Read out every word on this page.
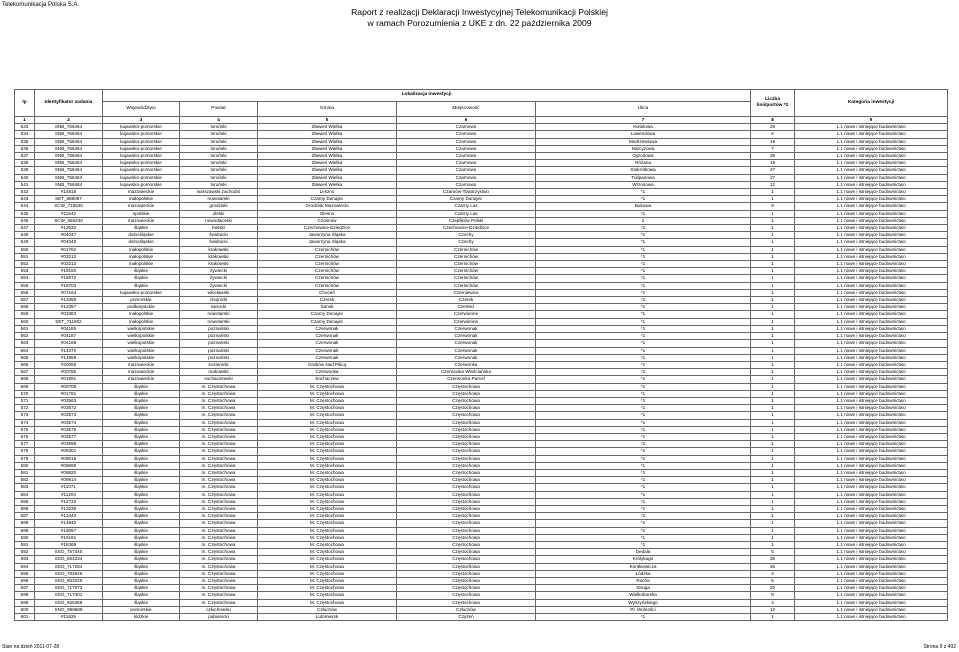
Telekomunikacja Polska S.A.
Raport z realizacji Deklaracji Inwestycyjnej Telekomunikacji Polskiej
w ramach Porozumienia z UKE z dn. 22 października 2009
lp	Identyfikator zadania	Lokalizacja inwestycji					Liczba linii/portów *2	Kategoria inwestycji
		Województwo	Powiat	Gmina	Miejscowość	Ulica		
1	2	3	4	5	6	7	8	9
533	SNB_756464	kujawsko-pomorskie	toruński	Zławieś Wielka	Czarnowo	Kwiatowa	29	1.1 nowe i istniejące budownictwo
534	SNB_756464	kujawsko-pomorskie	toruński	Zławieś Wielka	Czarnowo	Lawendowa	6	1.1 nowe i istniejące budownictwo
535	SNB_756464	kujawsko-pomorskie	toruński	Zławieś Wielka	Czarnowo	Modrzewiowa	18	1.1 nowe i istniejące budownictwo
536	SNB_756464	kujawsko-pomorskie	toruński	Zławieś Wielka	Czarnowo	Narcyzowa	7	1.1 nowe i istniejące budownictwo
537	SNB_756464	kujawsko-pomorskie	toruński	Zławieś Wielka	Czarnowo	Ogrodowa	29	1.1 nowe i istniejące budownictwo
538	SNB_756464	kujawsko-pomorskie	toruński	Zławieś Wielka	Czarnowo	Różana	19	1.1 nowe i istniejące budownictwo
539	SNB_756464	kujawsko-pomorskie	toruński	Zławieś Wielka	Czarnowo	Stokrotkowa	27	1.1 nowe i istniejące budownictwo
540	SNB_756464	kujawsko-pomorskie	toruński	Zławieś Wielka	Czarnowo	Tulipanowa	27	1.1 nowe i istniejące budownictwo
541	SNB_756464	kujawsko-pomorskie	toruński	Zławieś Wielka	Czarnowo	Wrzosowa	12	1.1 nowe i istniejące budownictwo
542	#14818	mazowieckie	warszawski zachodni	Leszno	Czarnów-Towarzystwo	*1	1	1.1 nowe i istniejące budownictwo
543	SET_688067	małopolskie	nowotarski	Czarny Dunajec	Czarny Dunajec	*1	1	1.1 nowe i istniejące budownictwo
544	SCW_716535	mazowieckie	grodziski	Grodzisk Mazowiecki	Czarny Las	Bukowa	9	1.1 nowe i istniejące budownictwo
545	#11542	opolskie	oleski	Olesno	Czarny Las	*1	1	1.1 nowe i istniejące budownictwo
546	SCW_656230	mazowieckie	nowodworski	Czosnów	Czeplików Polski	2	1	1.1 nowe i istniejące budownictwo
547	#12632	śląskie	bielski	Czechowice-Dziedzice	Czechowice-Dziedzice	*1	1	1.1 nowe i istniejące budownictwo
548	#04047	dolnośląskie	świdnicki	Jaworzyna Śląska	Czechy	*1	1	1.1 nowe i istniejące budownictwo
549	#04048	dolnośląskie	świdnicki	Jaworzyna Śląska	Czechy	*1	1	1.1 nowe i istniejące budownictwo
550	#01762	małopolskie	krakowski	Czernichów	Czernichów	*1	1	1.1 nowe i istniejące budownictwo
551	#03212	małopolskie	krakowski	Czernichów	Czernichów	*1	1	1.1 nowe i istniejące budownictwo
552	#03213	małopolskie	krakowski	Czernichów	Czernichów	*1	1	1.1 nowe i istniejące budownictwo
553	#18150	śląskie	żywiecki	Czernichów	Czernichów	*1	1	1.1 nowe i istniejące budownictwo
554	#18672	śląskie	żywiecki	Czernichów	Czernichów	*1	1	1.1 nowe i istniejące budownictwo
555	#18703	śląskie	żywiecki	Czernichów	Czernichów	*1	1	1.1 nowe i istniejące budownictwo
556	#07164	kujawsko-pomorskie	włocławski	Choceń	Czerniewice	*1	1	1.1 nowe i istniejące budownictwo
557	#13369	pomorskie	chojnicki	Czersk	Czersk	*1	1	1.1 nowe i istniejące budownictwo
558	#12357	podkarpackie	sanocki	Sanok	Czertież	*1	1	1.1 nowe i istniejące budownictwo
559	#03383	małopolskie	nowotarski	Czarny Dunajec	Czerwienne	*1	1	1.1 nowe i istniejące budownictwo
560	SET_711802	małopolskie	nowotarski	Czarny Dunajec	Czerwienne	*1	1	1.1 nowe i istniejące budownictwo
561	#04185	wielkopolskie	poznański	Czerwonak	Czerwonak	*1	1	1.1 nowe i istniejące budownictwo
562	#04187	wielkopolskie	poznański	Czerwonak	Czerwonak	*1	1	1.1 nowe i istniejące budownictwo
563	#04188	wielkopolskie	poznański	Czerwonak	Czerwonak	*1	1	1.1 nowe i istniejące budownictwo
564	#14370	wielkopolskie	poznański	Czerwonak	Czerwonak	*1	1	1.1 nowe i istniejące budownictwo
565	#14868	wielkopolskie	poznański	Czerwonak	Czerwonak	*1	1	1.1 nowe i istniejące budownictwo
566	#20059	mazowieckie	kozienicki	Grabów Nad Pilicą	Czerwonka	*1	1	1.1 nowe i istniejące budownictwo
567	#00785	mazowieckie	makowski	Czerwonka	Czerwonka Włościańska	*1	1	1.1 nowe i istniejące budownictwo
568	#01891	mazowieckie	sochaczewski	Sochaczew	Czerwonka-Parcel	*1	1	1.1 nowe i istniejące budownictwo
569	#00708	śląskie	m. Częstochowa	M. Częstochowa	Częstochowa	*1	1	1.1 nowe i istniejące budownictwo
570	#01791	śląskie	m. Częstochowa	M. Częstochowa	Częstochowa	*1	1	1.1 nowe i istniejące budownictwo
571	#03563	śląskie	m. Częstochowa	M. Częstochowa	Częstochowa	*1	1	1.1 nowe i istniejące budownictwo
572	#03572	śląskie	m. Częstochowa	M. Częstochowa	Częstochowa	*1	1	1.1 nowe i istniejące budownictwo
573	#03573	śląskie	m. Częstochowa	M. Częstochowa	Częstochowa	*1	1	1.1 nowe i istniejące budownictwo
574	#03574	śląskie	m. Częstochowa	M. Częstochowa	Częstochowa	*1	1	1.1 nowe i istniejące budownictwo
575	#03575	śląskie	m. Częstochowa	M. Częstochowa	Częstochowa	*1	1	1.1 nowe i istniejące budownictwo
576	#03577	śląskie	m. Częstochowa	M. Częstochowa	Częstochowa	*1	1	1.1 nowe i istniejące budownictwo
577	#03598	śląskie	m. Częstochowa	M. Częstochowa	Częstochowa	*1	1	1.1 nowe i istniejące budownictwo
578	#06301	śląskie	m. Częstochowa	M. Częstochowa	Częstochowa	*1	1	1.1 nowe i istniejące budownictwo
579	#09018	śląskie	m. Częstochowa	M. Częstochowa	Częstochowa	*1	1	1.1 nowe i istniejące budownictwo
580	#09698	śląskie	m. Częstochowa	M. Częstochowa	Częstochowa	*1	1	1.1 nowe i istniejące budownictwo
581	#09820	śląskie	m. Częstochowa	M. Częstochowa	Częstochowa	*1	1	1.1 nowe i istniejące budownictwo
582	#09914	śląskie	m. Częstochowa	M. Częstochowa	Częstochowa	*1	1	1.1 nowe i istniejące budownictwo
583	#11071	śląskie	m. Częstochowa	M. Częstochowa	Częstochowa	*1	1	1.1 nowe i istniejące budownictwo
584	#11204	śląskie	m. Częstochowa	M. Częstochowa	Częstochowa	*1	1	1.1 nowe i istniejące budownictwo
585	#12722	śląskie	m. Częstochowa	M. Częstochowa	Częstochowa	*1	1	1.1 nowe i istniejące budownictwo
586	#13239	śląskie	m. Częstochowa	M. Częstochowa	Częstochowa	*1	1	1.1 nowe i istniejące budownictwo
587	#13443	śląskie	m. Częstochowa	M. Częstochowa	Częstochowa	*1	1	1.1 nowe i istniejące budownictwo
588	#14842	śląskie	m. Częstochowa	M. Częstochowa	Częstochowa	*1	1	1.1 nowe i istniejące budownictwo
589	#16057	śląskie	m. Częstochowa	M. Częstochowa	Częstochowa	*1	1	1.1 nowe i istniejące budownictwo
590	#16181	śląskie	m. Częstochowa	M. Częstochowa	Częstochowa	*1	1	1.1 nowe i istniejące budownictwo
591	#18369	śląskie	m. Częstochowa	M. Częstochowa	Częstochowa	*1	1	1.1 nowe i istniejące budownictwo
592	SSO_757440	śląskie	m. Częstochowa	M. Częstochowa	Częstochowa	Dedala	5	1.1 nowe i istniejące budownictwo
593	SSO_654234	śląskie	m. Częstochowa	M. Częstochowa	Częstochowa	Królykago	36	1.1 nowe i istniejące budownictwo
594	SSO_717284	śląskie	m. Częstochowa	M. Częstochowa	Częstochowa	Kontkiewicza	36	1.1 nowe i istniejące budownictwo
595	SSO_782645	śląskie	m. Częstochowa	M. Częstochowa	Częstochowa	Łódzka	4	1.1 nowe i istniejące budownictwo
596	SSO_803225	śląskie	m. Częstochowa	M. Częstochowa	Częstochowa	Rocha	5	1.1 nowe i istniejące budownictwo
597	SSO_717073	śląskie	m. Częstochowa	M. Częstochowa	Częstochowa	Struga	20	1.1 nowe i istniejące budownictwo
598	SSO_717401	śląskie	m. Częstochowa	M. Częstochowa	Częstochowa	Wielkoborska	8	1.1 nowe i istniejące budownictwo
599	SSO_925368	śląskie	m. Częstochowa	M. Częstochowa	Częstochowa	Wyszyńskiego	4	1.1 nowe i istniejące budownictwo
600	SNG_899689	pomorskie	człuchowski	Człuchów	Człuchów	Pl. Wolności	12	1.1 nowe i istniejące budownictwo
601	#11829	łódzkie	pabianicki	Lutomiersk	Czyżeń	*1	1	1.1 nowe i istniejące budownictwo
Stan na dzień 2011-07-28	Strona 9 z 492
